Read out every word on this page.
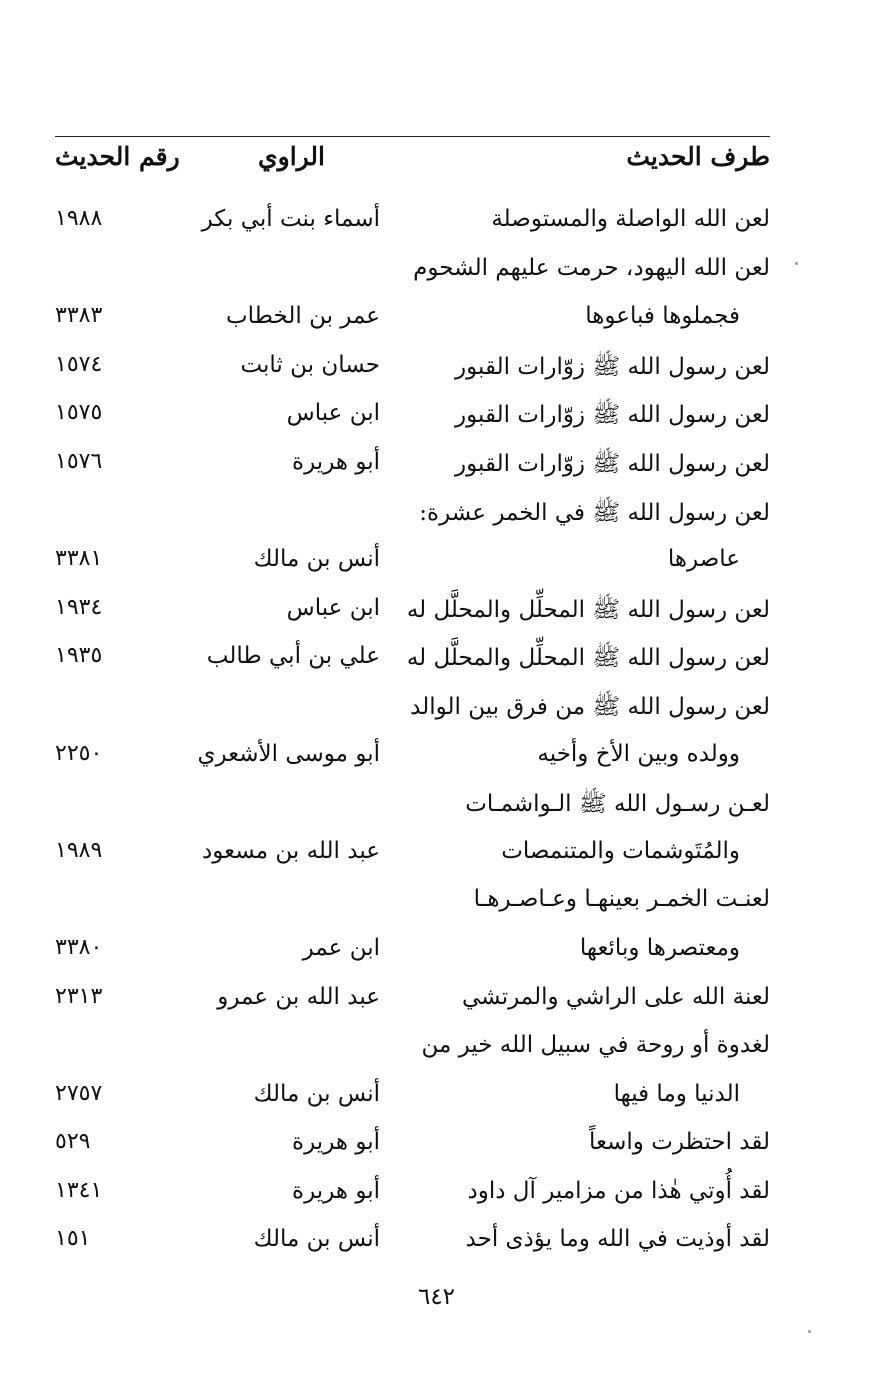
طرف الحديث
الراوي
رقم الحديث
لعن الله الواصلة والمستوصلة
أسماء بنت أبي بكر
١٩٨٨
لعن الله اليهود، حرمت عليهم الشحوم
فجملوها فباعوها
عمر بن الخطاب
٣٣٨٣
لعن رسول الله ﷺ زوّارات القبور
حسان بن ثابت
١٥٧٤
لعن رسول الله ﷺ زوّارات القبور
ابن عباس
١٥٧٥
لعن رسول الله ﷺ زوّارات القبور
أبو هريرة
١٥٧٦
لعن رسول الله ﷺ في الخمر عشرة:
عاصرها
أنس بن مالك
٣٣٨١
لعن رسول الله ﷺ المحلِّل والمحلَّل له
ابن عباس
١٩٣٤
لعن رسول الله ﷺ المحلِّل والمحلَّل له
علي بن أبي طالب
١٩٣٥
لعن رسول الله ﷺ من فرق بين الوالد
وولده وبين الأخ وأخيه
أبو موسى الأشعري
٢٢٥٠
لعـن رسـول الله ﷺ الـواشمـات
والمُتَوشمات والمتنمصات
عبد الله بن مسعود
١٩٨٩
لعنـت الخمـر بعينهـا وعـاصـرهـا
ومعتصرها وبائعها
ابن عمر
٣٣٨٠
لعنة الله على الراشي والمرتشي
عبد الله بن عمرو
٢٣١٣
لغدوة أو روحة في سبيل الله خير من
الدنيا وما فيها
أنس بن مالك
٢٧٥٧
لقد احتظرت واسعاً
أبو هريرة
٥٢٩
لقد أُوتي هٰذا من مزامير آل داود
أبو هريرة
١٣٤١
لقد أوذيت في الله وما يؤذى أحد
أنس بن مالك
١٥١
٦٤٢
